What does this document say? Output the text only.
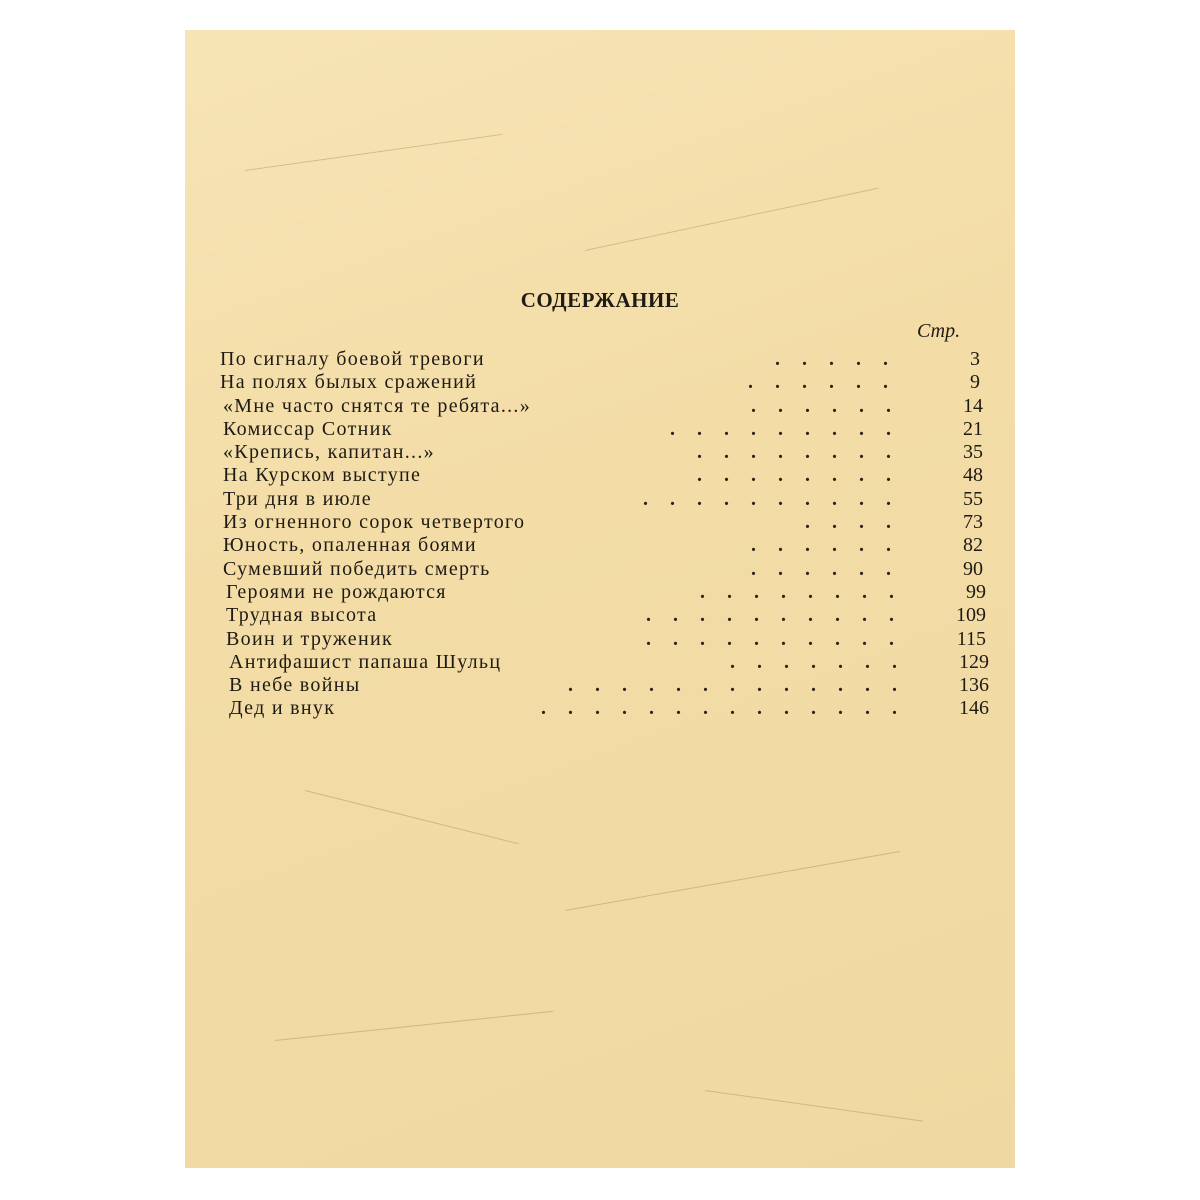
СОДЕРЖАНИЕ
Стр.
.....
По сигналу боевой тревоги	3
......
На полях былых сражений	9
......
«Мне часто снятся те ребята...»	14
.........
Комиссар Сотник	21
........
«Крепись, капитан...»	35
........
На Курском выступе	48
..........
Три дня в июле	55
....
Из огненного сорок четвертого	73
......
Юность, опаленная боями	82
......
Сумевший победить смерть	90
........
Героями не рождаются	99
..........
Трудная высота	109
..........
Воин и труженик	115
.......
Антифашист папаша Шульц	129
.............
В небе войны	136
..............
Дед и внук	146
